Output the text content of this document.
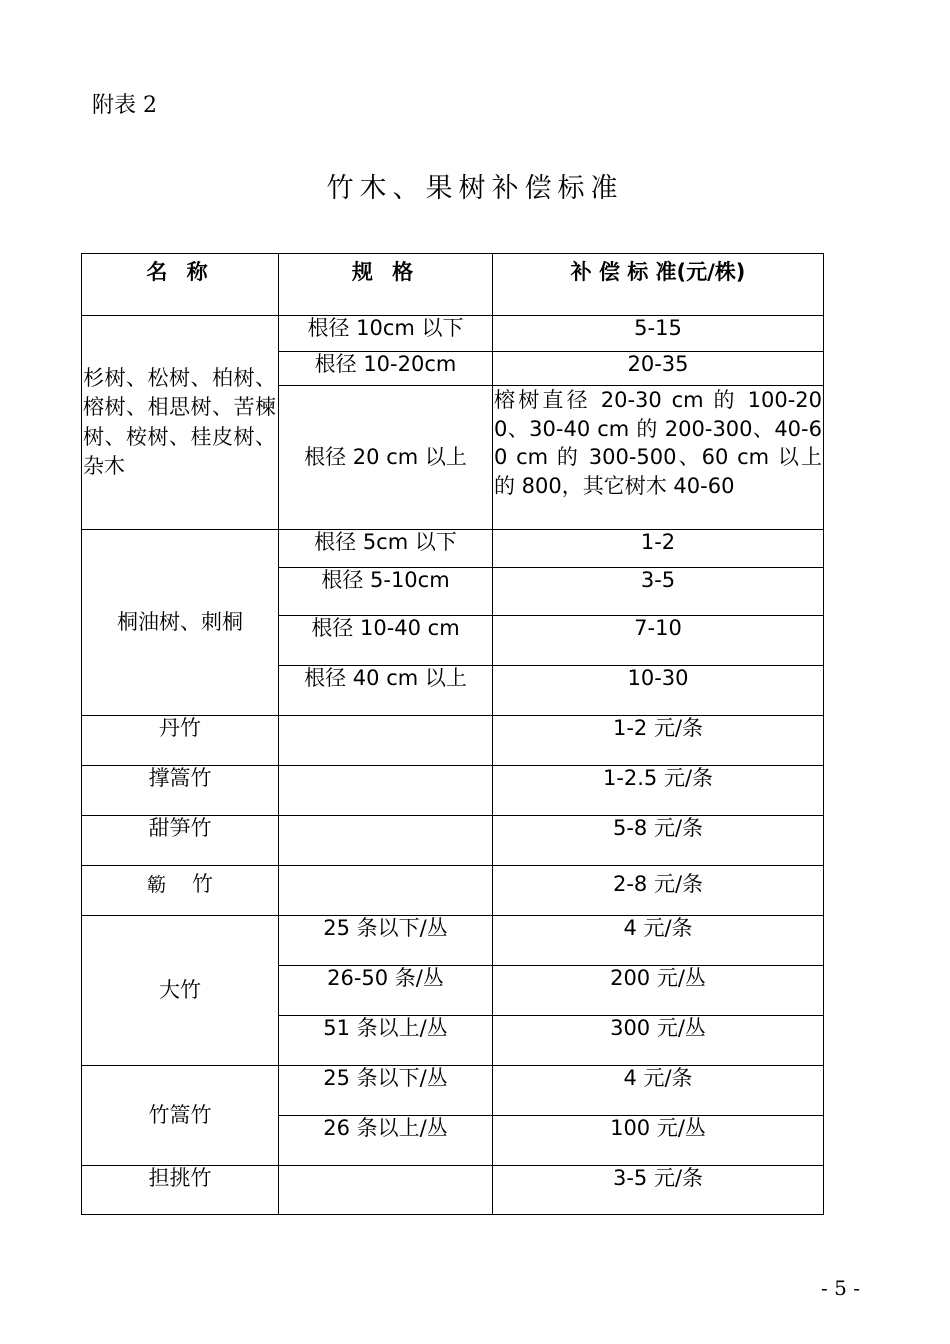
附表 2
竹木、果树补偿标准
名 称	规 格	补 偿 标 准(元/株)
杉树、松树、柏树、榕树、相思树、苦楝树、桉树、桂皮树、杂木	根径 10cm 以下	5-15
	根径 10-20cm	20-35
	根径 20 cm 以上	榕树直径 20-30 cm 的 100-200、30-40 cm 的 200-300、40-60 cm 的 300-500、60 cm 以上的 800，其它树木 40-60
桐油树、刺桐	根径 5cm 以下	1-2
	根径 5-10cm	3-5
	根径 10-40 cm	7-10
	根径 40 cm 以上	10-30
丹竹		1-2 元/条
撑篙竹		1-2.5 元/条
甜笋竹		5-8 元/条
簕 竹		2-8 元/条
大竹	25 条以下/丛	4 元/条
	26-50 条/丛	200 元/丛
	51 条以上/丛	300 元/丛
竹篙竹	25 条以下/丛	4 元/条
	26 条以上/丛	100 元/丛
担挑竹		3-5 元/条
- 5 -
